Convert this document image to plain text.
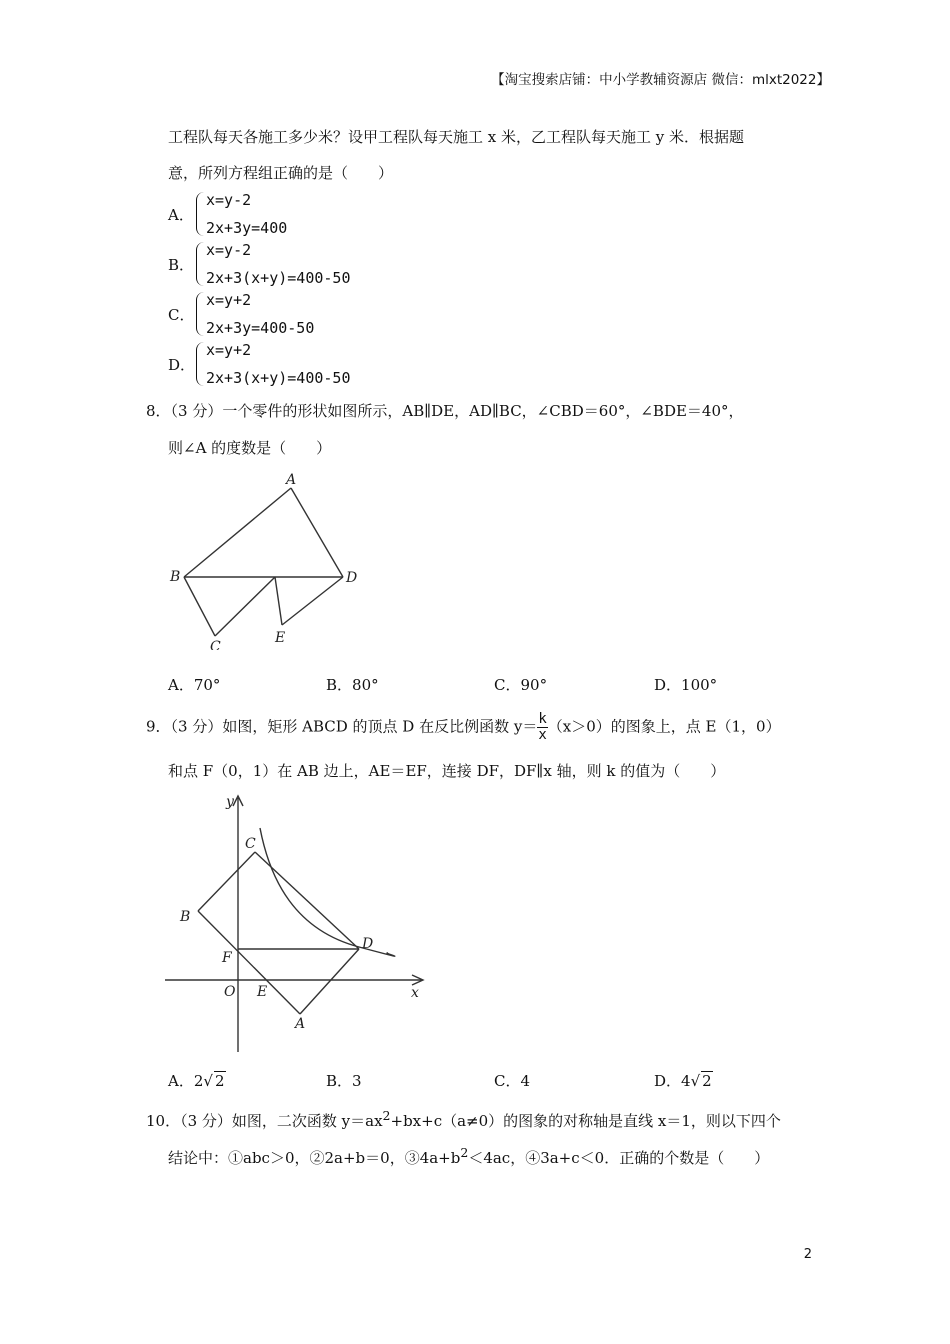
【淘宝搜索店铺：中小学教辅资源店 微信：mlxt2022】
工程队每天各施工多少米？设甲工程队每天施工 x 米，乙工程队每天施工 y 米．根据题
意，所列方程组正确的是（　　）
A．
x=y-2
2x+3y=400
B．
x=y-2
2x+3(x+y)=400-50
C．
x=y+2
2x+3y=400-50
D．
x=y+2
2x+3(x+y)=400-50
8．（3 分）一个零件的形状如图所示，AB∥DE，AD∥BC，∠CBD＝60°，∠BDE＝40°，
则∠A 的度数是（　　）
A
B
C
D
E
A．70°	B．80°	C．90°	D．100°
9．（3 分）如图，矩形 ABCD 的顶点 D 在反比例函数 $y= \frac{k}{x} (x>0)$的图象上，点 E（1，0）
和点 F（0，1）在 AB 边上，AE＝EF，连接 DF，DF∥x 轴，则 k 的值为（　　）
y
x
O E
F
B
C
D
A
A．2√ 2	B．3	C．4	D．4√ 2
10．（3 分）如图，二次函数 $y=ax^2+bx+c(a\ne 0)$的图象的对称轴是直线 x＝1，则以下四个
结论中：①abc＞0，②2a+b＝0，$③4a+b^2<4ac$，④3a+c＜0．正确的个数是（　　）
2
